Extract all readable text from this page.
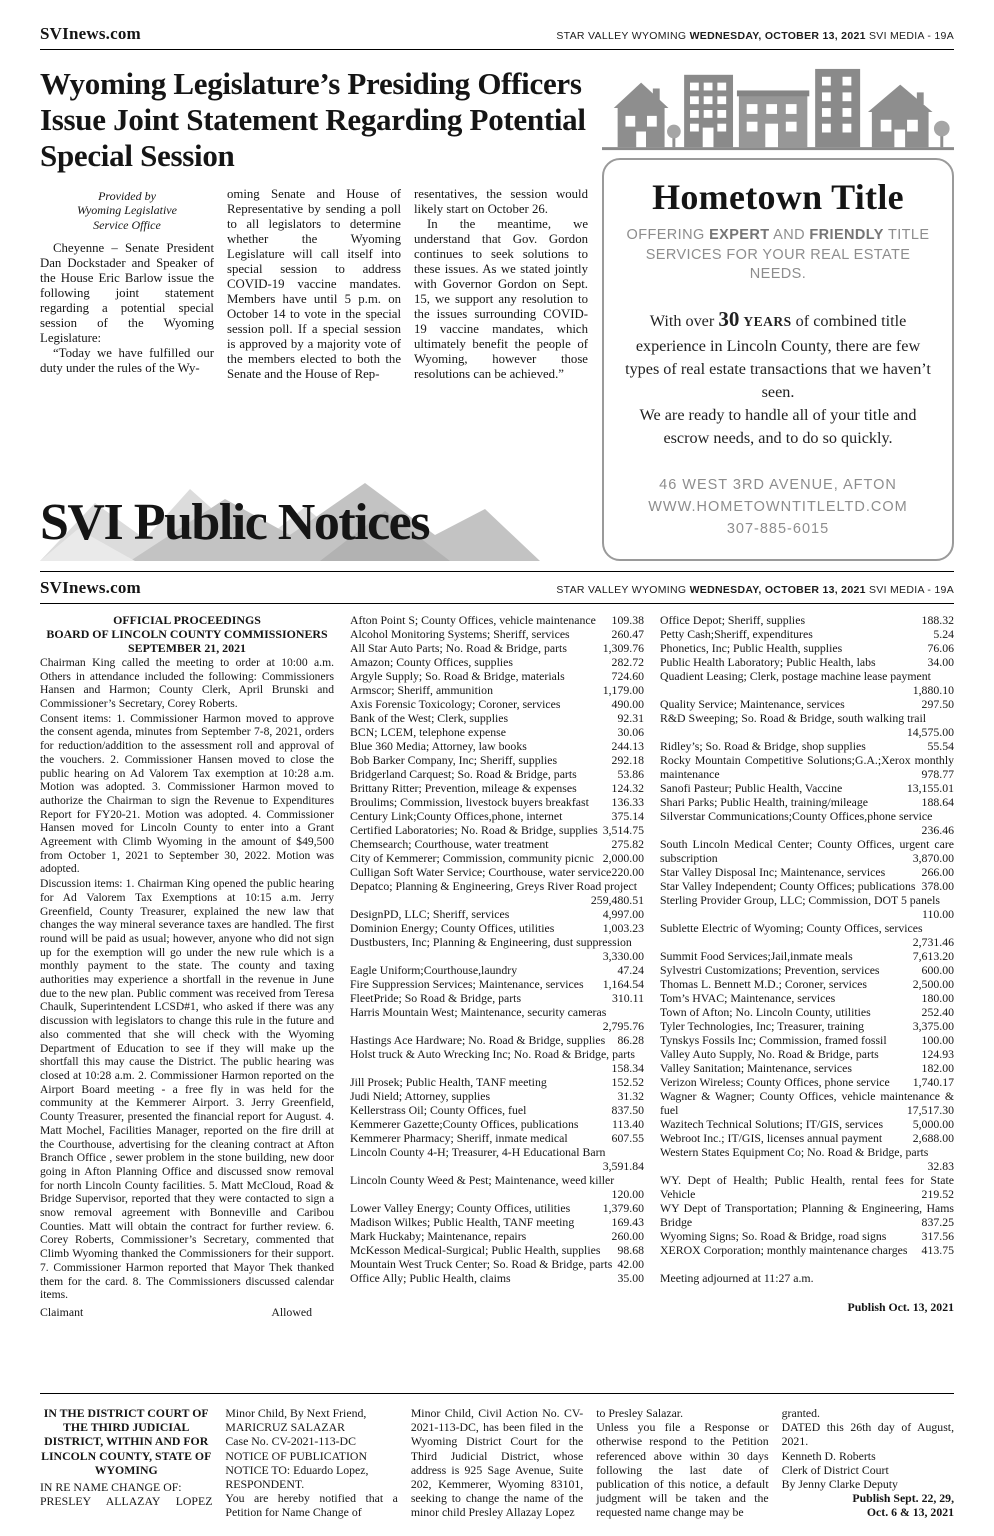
SVInews.com	STAR VALLEY WYOMING WEDNESDAY, OCTOBER 13, 2021 SVI MEDIA - 19A
Wyoming Legislature’s Presiding Officers Issue Joint Statement Regarding Potential Special Session
Provided by
Wyoming Legislative
Service Office

Cheyenne – Senate President Dan Dockstader and Speaker of the House Eric Barlow issue the following joint statement regarding a potential special session of the Wyoming Legislature:

“Today we have fulfilled our duty under the rules of the Wy-

oming Senate and House of Representative by sending a poll to all legislators to determine whether the Wyoming Legislature will call itself into special session to address COVID-19 vaccine mandates. Members have until 5 p.m. on October 14 to vote in the special session poll. If a special session is approved by a majority vote of the members elected to both the Senate and the House of Rep-

resentatives, the session would likely start on October 26.

In the meantime, we understand that Gov. Gordon continues to seek solutions to these issues. As we stated jointly with Governor Gordon on Sept. 15, we support any resolution to the issues surrounding COVID-19 vaccine mandates, which ultimately benefit the people of Wyoming, however those resolutions can be achieved.”

SVI Public Notices
Hometown Title
OFFERING EXPERT AND FRIENDLY TITLE SERVICES FOR YOUR REAL ESTATE NEEDS.
With over 30 YEARS of combined title experience in Lincoln County, there are few types of real estate transactions that we haven’t seen.
We are ready to handle all of your title and escrow needs, and to do so quickly.
46 WEST 3RD AVENUE, AFTON
WWW.HOMETOWNTITLELTD.COM
307-885-6015
SVInews.com	STAR VALLEY WYOMING WEDNESDAY, OCTOBER 13, 2021 SVI MEDIA - 19A
OFFICIAL PROCEEDINGS
BOARD OF LINCOLN COUNTY COMMISSIONERS
SEPTEMBER 21, 2021

Chairman King called the meeting to order at 10:00 a.m. Others in attendance included the following: Commissioners Hansen and Harmon; County Clerk, April Brunski and Commissioner’s Secretary, Corey Roberts.

Consent items: 1. Commissioner Harmon moved to approve the consent agenda, minutes from September 7-8, 2021, orders for reduction/addition to the assessment roll and approval of the vouchers. 2. Commissioner Hansen moved to close the public hearing on Ad Valorem Tax exemption at 10:28 a.m. Motion was adopted. 3. Commissioner Harmon moved to authorize the Chairman to sign the Revenue to Expenditures Report for FY20-21. Motion was adopted. 4. Commissioner Hansen moved for Lincoln County to enter into a Grant Agreement with Climb Wyoming in the amount of $49,500 from October 1, 2021 to September 30, 2022. Motion was adopted.

Discussion items: 1. Chairman King opened the public hearing for Ad Valorem Tax Exemptions at 10:15 a.m. Jerry Greenfield, County Treasurer, explained the new law that changes the way mineral severance taxes are handled. The first round will be paid as usual; however, anyone who did not sign up for the exemption will go under the new rule which is a monthly payment to the state. The county and taxing authorities may experience a shortfall in the revenue in June due to the new plan. Public comment was received from Teresa Chaulk, Superintendent LCSD#1, who asked if there was any discussion with legislators to change this rule in the future and also commented that she will check with the Wyoming Department of Education to see if they will make up the shortfall this may cause the District. The public hearing was closed at 10:28 a.m. 2. Commissioner Harmon reported on the Airport Board meeting - a free fly in was held for the community at the Kemmerer Airport. 3. Jerry Greenfield, County Treasurer, presented the financial report for August. 4. Matt Mochel, Facilities Manager, reported on the fire drill at the Courthouse, advertising for the cleaning contract at Afton Branch Office , sewer problem in the stone building, new door going in Afton Planning Office and discussed snow removal for north Lincoln County facilities. 5. Matt McCloud, Road & Bridge Supervisor, reported that they were contacted to sign a snow removal agreement with Bonneville and Caribou Counties. Matt will obtain the contract for further review. 6. Corey Roberts, Commissioner’s Secretary, commented that Climb Wyoming thanked the Commissioners for their support. 7. Commissioner Harmon reported that Mayor Thek thanked them for the card. 8. The Commissioners discussed calendar items.

Claimant	Allowed
Afton Point S; County Offices, vehicle maintenance 109.38
Alcohol Monitoring Systems; Sheriff, services	260.47
All Star Auto Parts; No. Road & Bridge, parts	1,309.76
Amazon; County Offices, supplies	282.72
Argyle Supply; So. Road & Bridge, materials	724.60
Armscor; Sheriff, ammunition	1,179.00
Axis Forensic Toxicology; Coroner, services	490.00
Bank of the West; Clerk, supplies	92.31
BCN; LCEM, telephone expense	30.06
Blue 360 Media; Attorney, law books	244.13
Bob Barker Company, Inc; Sheriff, supplies	292.18
Bridgerland Carquest; So. Road & Bridge, parts	53.86
Brittany Ritter; Prevention, mileage & expenses	124.32
Broulims; Commission, livestock buyers breakfast 136.33
Century Link;County Offices,phone, internet	375.14
Certified Laboratories; No. Road & Bridge, supplies 3,514.75
Chemsearch; Courthouse, water treatment	275.82
City of Kemmerer; Commission, community picnic 2,000.00
Culligan Soft Water Service; Courthouse, water service 220.00
Depatco; Planning & Engineering, Greys River Road project
259,480.51
DesignPD, LLC; Sheriff, services	4,997.00
Dominion Energy; County Offices, utilities	1,003.23
Dustbusters, Inc; Planning & Engineering, dust suppression
3,330.00
Eagle Uniform;Courthouse,laundry	47.24
Fire Suppression Services; Maintenance, services 1,164.54
FleetPride; So Road & Bridge, parts	310.11
Harris Mountain West; Maintenance, security cameras
2,795.76
Hastings Ace Hardware; No. Road & Bridge, supplies 86.28
Holst truck & Auto Wrecking Inc; No. Road & Bridge, parts
158.34
Jill Prosek; Public Health, TANF meeting	152.52
Judi Nield; Attorney, supplies	31.32
Kellerstrass Oil; County Offices, fuel	837.50
Kemmerer Gazette;County Offices, publications	113.40
Kemmerer Pharmacy; Sheriff, inmate medical	607.55
Lincoln County 4-H; Treasurer, 4-H Educational Barn
3,591.84
Lincoln County Weed & Pest; Maintenance, weed killer
120.00
Lower Valley Energy; County Offices, utilities	1,379.60
Madison Wilkes; Public Health, TANF meeting	169.43
Mark Huckaby; Maintenance, repairs	260.00
McKesson Medical-Surgical; Public Health, supplies 98.68
Mountain West Truck Center; So. Road & Bridge, parts 42.00
Office Ally; Public Health, claims	35.00
Office Depot; Sheriff, supplies	188.32
Petty Cash;Sheriff, expenditures	5.24
Phonetics, Inc; Public Health, supplies	76.06
Public Health Laboratory; Public Health, labs	34.00
Quadient Leasing; Clerk, postage machine lease payment
1,880.10
Quality Service; Maintenance, services	297.50
R&D Sweeping; So. Road & Bridge, south walking trail
14,575.00
Ridley’s; So. Road & Bridge, shop supplies	55.54
Rocky Mountain Competitive Solutions;G.A.;Xerox monthly maintenance	978.77
Sanofi Pasteur; Public Health, Vaccine	13,155.01
Shari Parks; Public Health, training/mileage	188.64
Silverstar Communications;County Offices,phone service
236.46
South Lincoln Medical Center; County Offices, urgent care subscription	3,870.00
Star Valley Disposal Inc; Maintenance, services	266.00
Star Valley Independent; County Offices; publications 378.00
Sterling Provider Group, LLC; Commission, DOT 5 panels
110.00
Sublette Electric of Wyoming; County Offices, services
2,731.46
Summit Food Services;Jail,inmate meals	7,613.20
Sylvestri Customizations; Prevention, services	600.00
Thomas L. Bennett M.D.; Coroner, services	2,500.00
Tom’s HVAC; Maintenance, services	180.00
Town of Afton; No. Lincoln County, utilities	252.40
Tyler Technologies, Inc; Treasurer, training	3,375.00
Tynskys Fossils Inc; Commission, framed fossil	100.00
Valley Auto Supply, No. Road & Bridge, parts	124.93
Valley Sanitation; Maintenance, services	182.00
Verizon Wireless; County Offices, phone service 1,740.17
Wagner & Wagner; County Offices, vehicle maintenance & fuel	17,517.30
Wazitech Technical Solutions; IT/GIS, services	5,000.00
Webroot Inc.; IT/GIS, licenses annual payment	2,688.00
Western States Equipment Co; No. Road & Bridge, parts
32.83
WY. Dept of Health; Public Health, rental fees for State Vehicle	219.52
WY Dept of Transportation; Planning & Engineering, Hams Bridge	837.25
Wyoming Signs; So. Road & Bridge, road signs	317.56
XEROX Corporation; monthly maintenance charges 413.75
Meeting adjourned at 11:27 a.m.
Publish Oct. 13, 2021
IN THE DISTRICT COURT OF THE THIRD JUDICIAL DISTRICT, WITHIN AND FOR LINCOLN COUNTY, STATE OF WYOMING
IN RE NAME CHANGE OF:
PRESLEY ALLAZAY LOPEZ
Minor Child, By Next Friend,
MARICRUZ SALAZAR
Case No. CV-2021-113-DC
NOTICE OF PUBLICATION
NOTICE TO: Eduardo Lopez,
RESPONDENT.
You are hereby notified that a Petition for Name Change of
Minor Child, Civil Action No. CV-2021-113-DC, has been filed in the Wyoming District Court for the Third Judicial District, whose address is 925 Sage Avenue, Suite 202, Kemmerer, Wyoming 83101, seeking to change the name of the minor child Presley Allazay Lopez
to Presley Salazar.
Unless you file a Response or otherwise respond to the Petition referenced above within 30 days following the last date of publication of this notice, a default judgment will be taken and the requested name change may be
granted.
DATED this 26th day of August, 2021.
Kenneth D. Roberts
Clerk of District Court
By Jenny Clarke Deputy
Publish Sept. 22, 29,
Oct. 6 & 13, 2021
